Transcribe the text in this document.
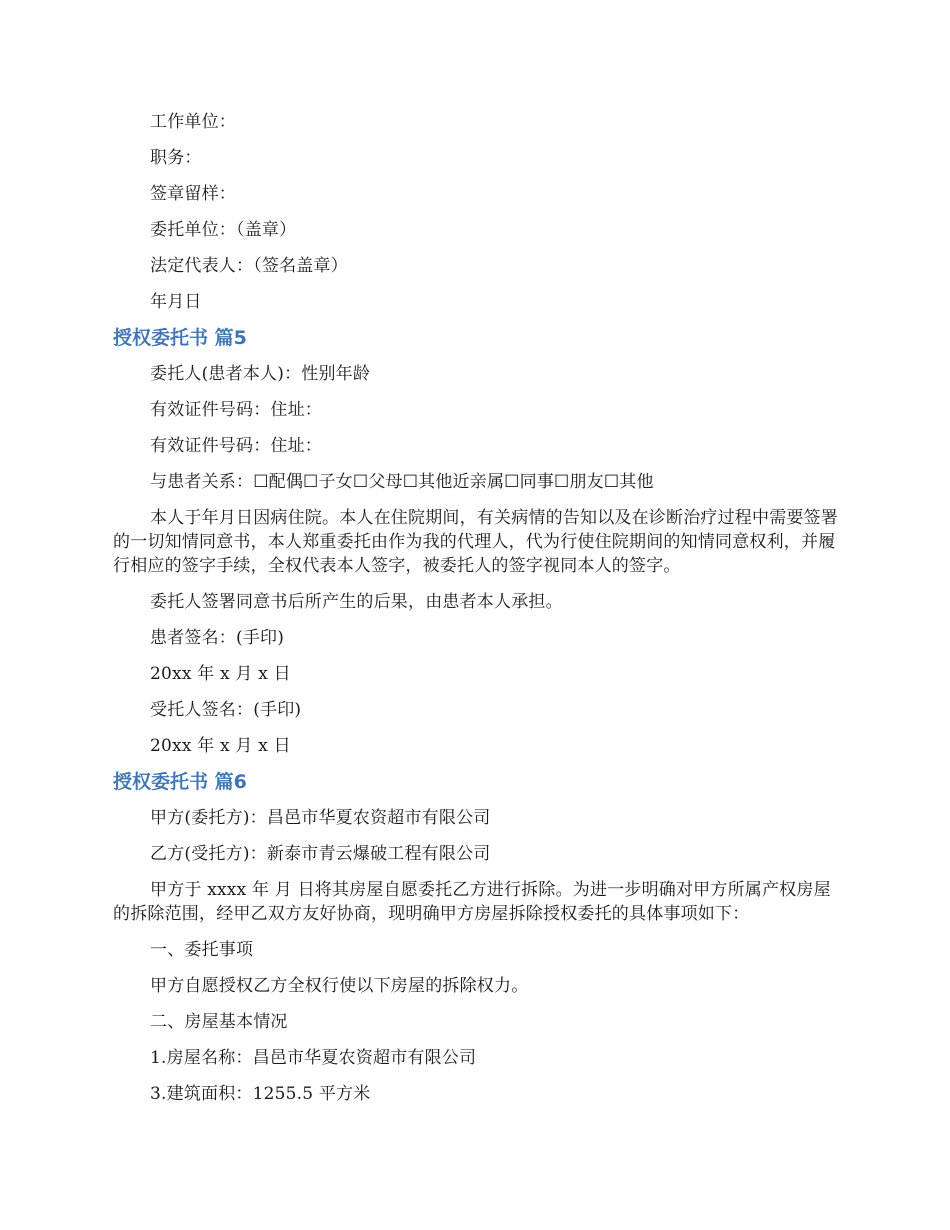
工作单位：

职务：

签章留样：

委托单位：（盖章）

法定代表人：（签名盖章）

年月日

授权委托书 篇5

委托人(患者本人)：性别年龄

有效证件号码：住址：

有效证件号码：住址：

与患者关系：☐配偶☐子女☐父母☐其他近亲属☐同事☐朋友☐其他

本人于年月日因病住院。本人在住院期间，有关病情的告知以及在诊断治疗过程中需要签署的一切知情同意书，本人郑重委托由作为我的代理人，代为行使住院期间的知情同意权利，并履行相应的签字手续，全权代表本人签字，被委托人的签字视同本人的签字。

委托人签署同意书后所产生的后果，由患者本人承担。

患者签名：(手印)

20xx 年 x 月 x 日

受托人签名：(手印)

20xx 年 x 月 x 日

授权委托书 篇6

甲方(委托方)：昌邑市华夏农资超市有限公司

乙方(受托方)：新泰市青云爆破工程有限公司

甲方于 xxxx 年 月 日将其房屋自愿委托乙方进行拆除。为进一步明确对甲方所属产权房屋的拆除范围，经甲乙双方友好协商，现明确甲方房屋拆除授权委托的具体事项如下：

一、委托事项

甲方自愿授权乙方全权行使以下房屋的拆除权力。

二、房屋基本情况

1.房屋名称：昌邑市华夏农资超市有限公司

3.建筑面积：1255.5 平方米
